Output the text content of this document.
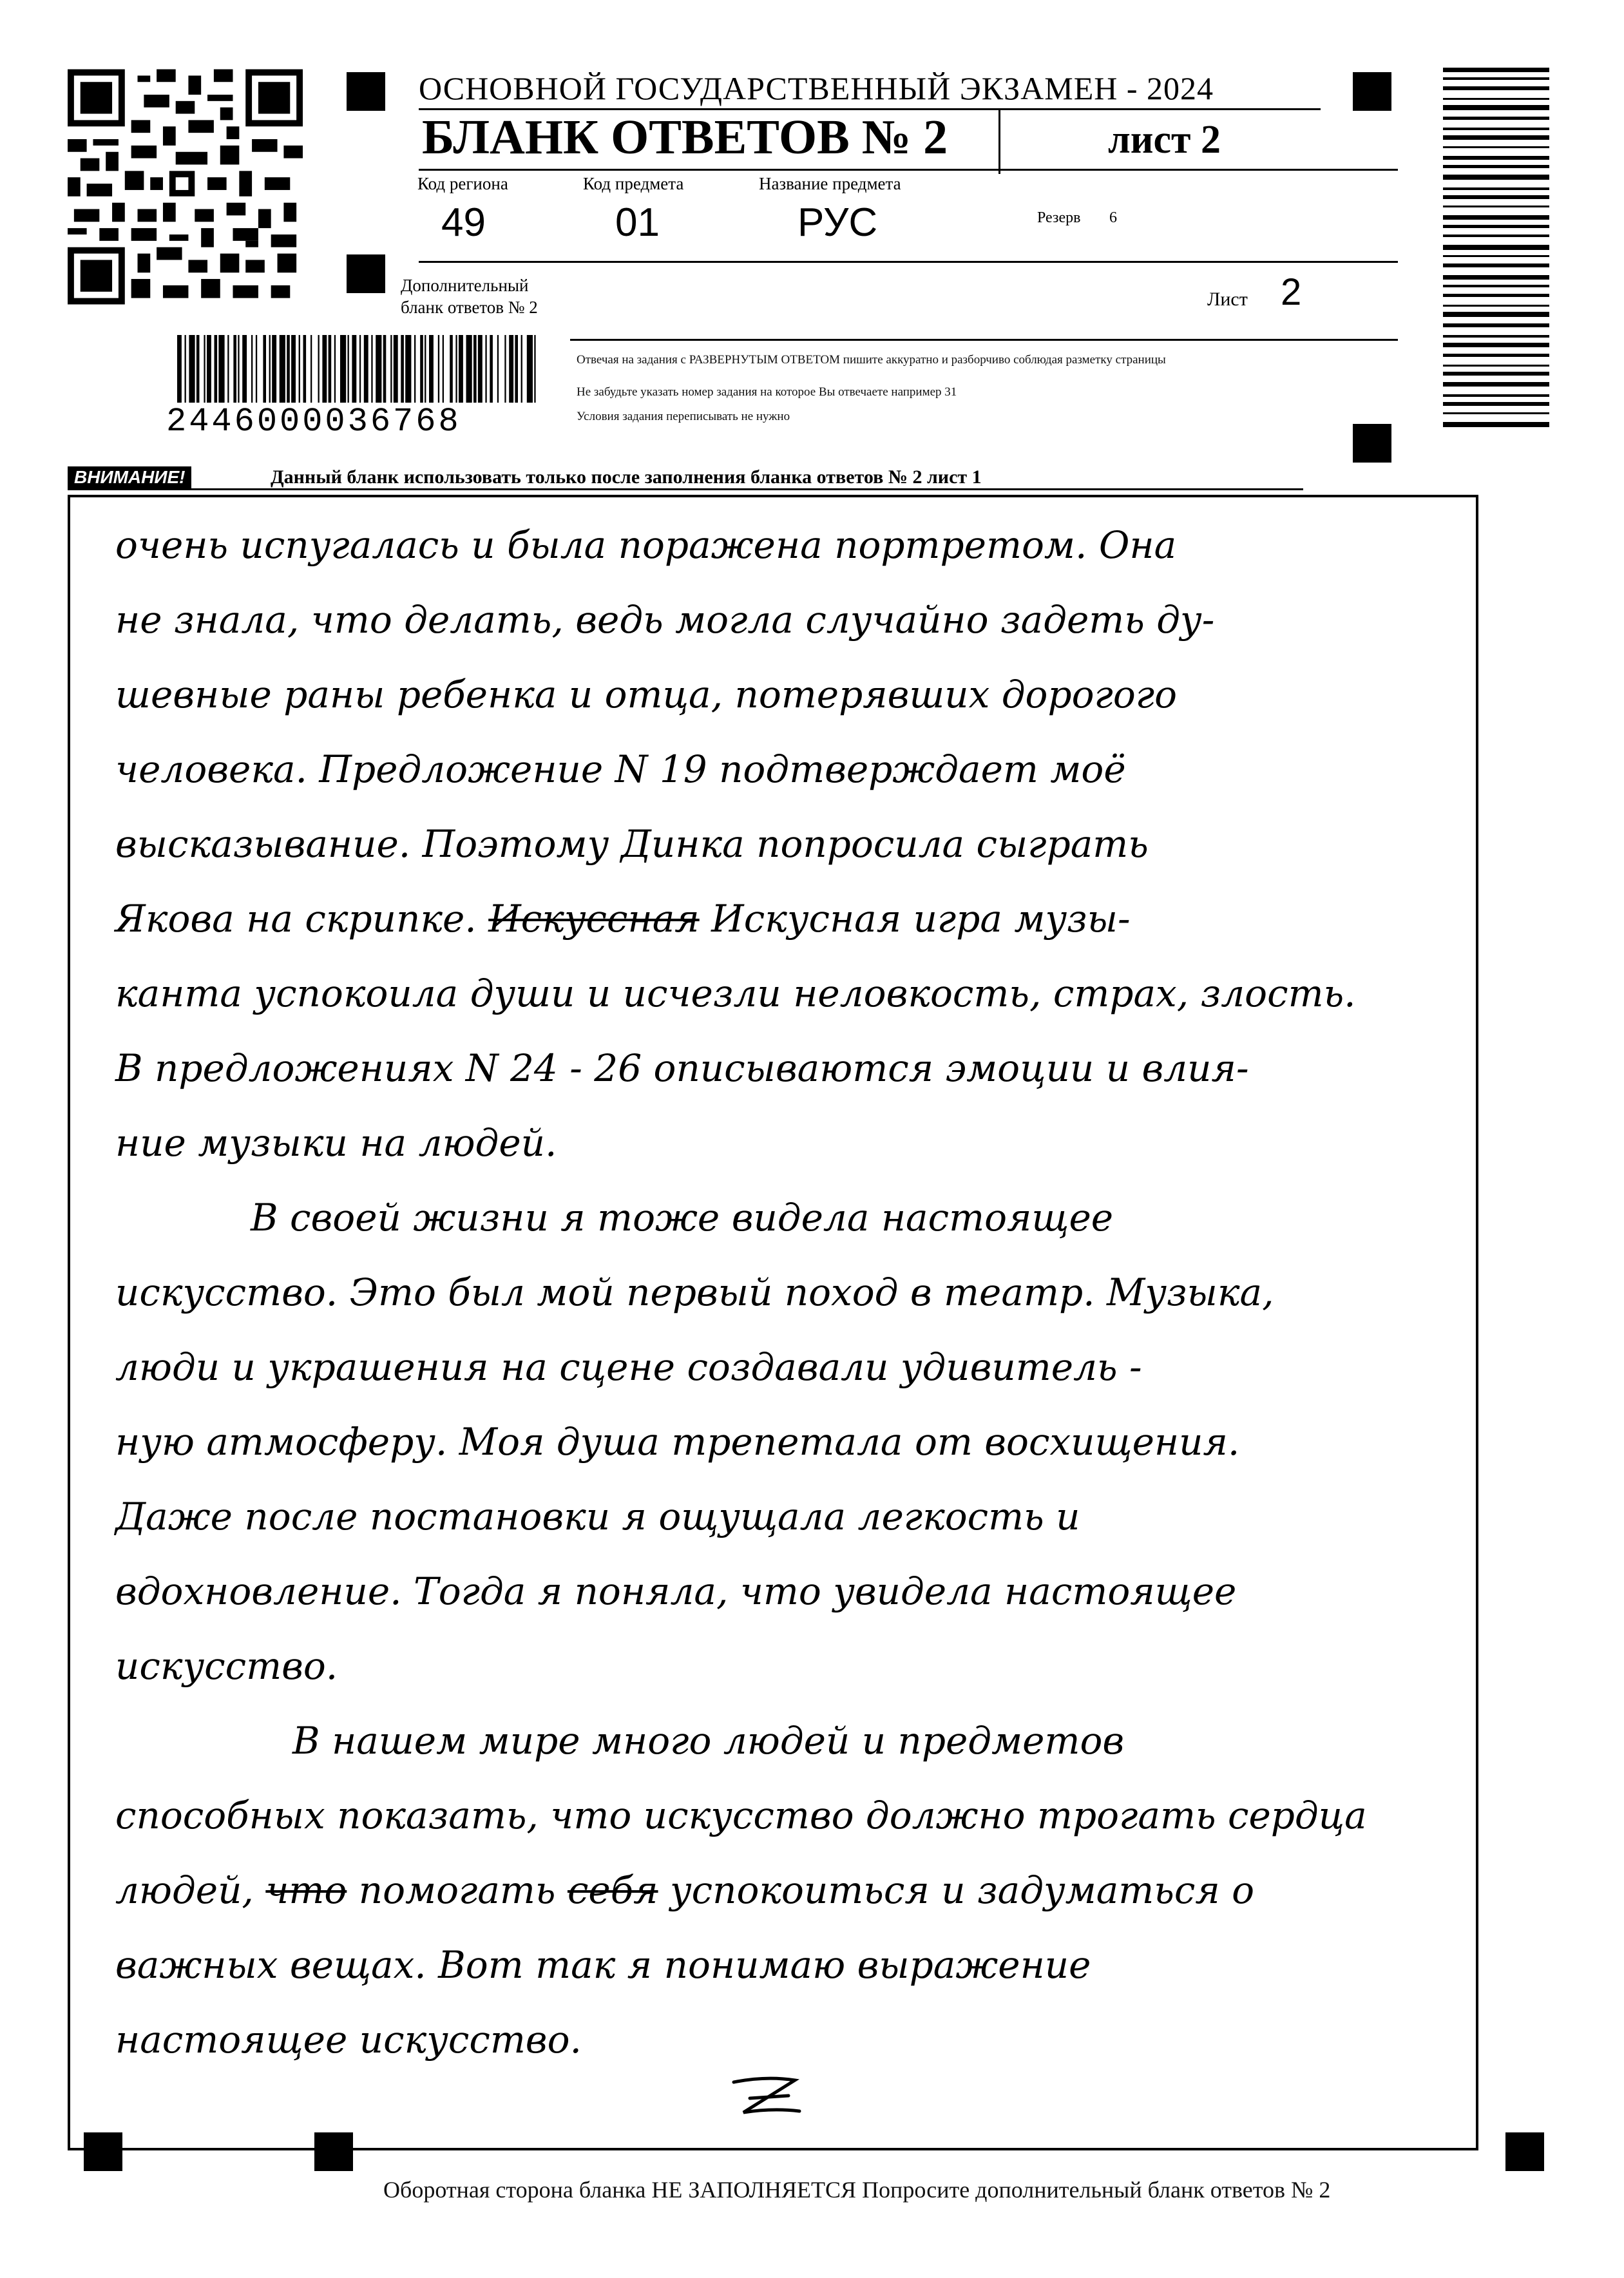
ОСНОВНОЙ ГОСУДАРСТВЕННЫЙ ЭКЗАМЕН - 2024
БЛАНК ОТВЕТОВ № 2	лист 2
Код региона	Код предмета	Название предмета
49	01	РУС	Резерв 6
Дополнительный
бланк ответов № 2	Лист 2
Отвечая на задания с РАЗВЕРНУТЫМ ОТВЕТОМ пишите аккуратно и разборчиво соблюдая разметку страницы
Не забудьте указать номер задания на которое Вы отвечаете например 31
Условия задания переписывать не нужно
2446000036768
ВНИМАНИЕ!	Данный бланк использовать только после заполнения бланка ответов № 2 лист 1
очень испугалась и была поражена портретом. Она
не знала, что делать, ведь могла случайно задеть ду-
шевные раны ребенка и отца, потерявших дорогого
человека. Предложение N 19 подтверждает моё
высказывание. Поэтому Динка попросила сыграть
Якова на скрипке. Искуссная Искусная игра музы-
канта успокоила души и исчезли неловкость, страх, злость.
В предложениях N 24 - 26 описываются эмоции и влия-
ние музыки на людей.
В своей жизни я тоже видела настоящее
искусство. Это был мой первый поход в театр. Музыка,
люди и украшения на сцене создавали удивитель -
ную атмосферу. Моя душа трепетала от восхищения.
Даже после постановки я ощущала легкость и
вдохновление. Тогда я поняла, что увидела настоящее
искусство.
В нашем мире много людей и предметов
способных показать, что искусство должно трогать сердца
людей, что помогать себя успокоиться и задуматься о
важных вещах. Вот так я понимаю выражение
настоящее искусство.
Оборотная сторона бланка НЕ ЗАПОЛНЯЕТСЯ Попросите дополнительный бланк ответов № 2
